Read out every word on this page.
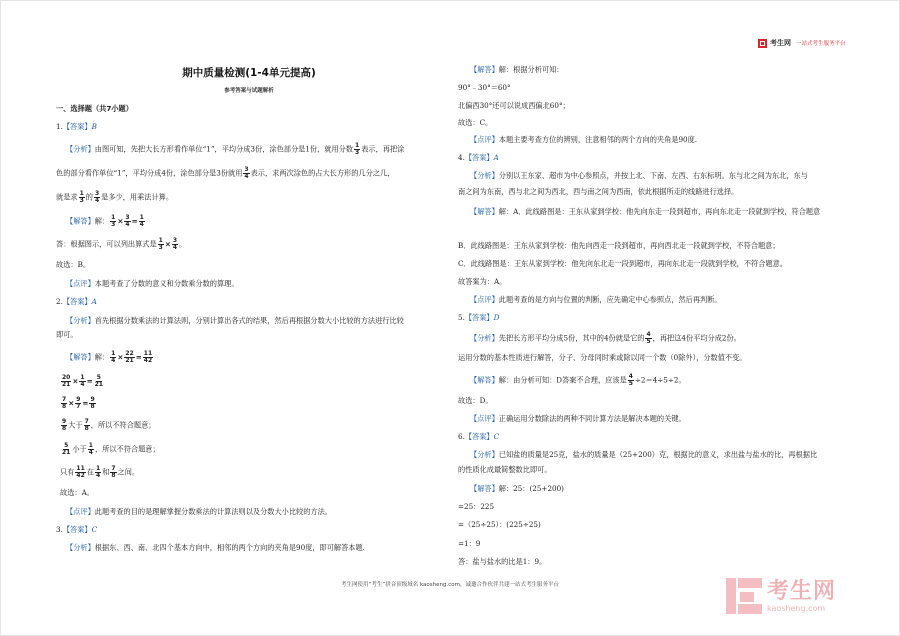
考生网 一站式考生服务平台
期中质量检测(1-4单元提高)
参考答案与试题解析
一、选择题（共7小题）
1.【答案】B
【分析】由图可知，先把大长方形看作单位“1”，平均分成3份，涂色部分是1份，就用分数 $\frac{1}{3}$ 表示，再把涂
色的部分看作单位“1”，平均分成4份，涂色部分是3份就用 $\frac{3}{4}$ 表示，求两次涂色的占大长方形的几分之几，
就是求 $\frac{1}{3}$ 的 $\frac{3}{4}$ 是多少，用乘法计算。
【解答】解： $\frac{1}{3} \times \frac{3}{4} = \frac{1}{4}$
答：根据图示，可以列出算式是 $\frac{1}{3} \times \frac{3}{4}$ 。
故选：B。
【点评】本题考查了分数的意义和分数乘分数的算理。
2.【答案】A
【分析】首先根据分数乘法的计算法则，分别计算出各式的结果，然后再根据分数大小比较的方法进行比较
即可。
【解答】解： $\frac{1}{4} \times \frac{22}{21} = \frac{11}{42}$
$\frac{20}{21} \times \frac{1}{4} = \frac{5}{21}$
$\frac{7}{8} \times \frac{9}{7} = \frac{9}{8}$
$\frac{9}{8}$ 大于 $\frac{7}{8}$ ，所以不符合题意；
$\frac{5}{21}$ 小于 $\frac{1}{4}$ ，所以不符合题意；
只有 $\frac{11}{42}$ 在 $\frac{1}{4}$ 和 $\frac{7}{8}$ 之间。
故选：A。
【点评】此题考查的目的是理解掌握分数乘法的计算法则以及分数大小比较的方法。
3.【答案】C
【分析】根据东、西、南、北四个基本方向中，相邻的两个方向的夹角是90度，即可解答本题.
【解答】解：根据分析可知：
90°﹣30°＝60°
北偏西30°还可以说成西偏北60°；
故选：C。
【点评】本题主要考查方位的辨别，注意相邻的两个方向的夹角是90度.
4.【答案】A
【分析】分别以王东家、超市为中心参照点，并按上北、下南、左西、右东标明。东与北之间为东北，东与
南之间为东南，西与北之间为西北，西与南之间为西南，依此根据所走的线路进行选择。
【解答】解：A．此线路图是：王东从家到学校：他先向东走一段到超市，再向东北走一段就到学校，符合题意
B．此线路图是：王东从家到学校：他先向西走一段到超市，再向西北走一段就到学校，不符合题意；
C．此线路图是：王东从家到学校：他先向东北走一段到超市，再向东北走一段就到学校，不符合题意。
故答案为：A。
【点评】此题考查的是方向与位置的判断，应先确定中心参照点，然后再判断。
5.【答案】D
【分析】先把长方形平均分成5份，其中的4份就是它的 $\frac{4}{5}$ ，再把这4份平均分成2份。
运用分数的基本性质进行解答，分子、分母同时乘或除以同一个数（0除外），分数值不变。
【解答】解：由分析可知：D答案不合理，应该是 $\frac{4}{5} \div 2=4\div 5\div 2$。
故选：D。
【点评】正确运用分数除法的两种不同计算方法是解决本题的关键。
6.【答案】C
【分析】已知盐的质量是25克，盐水的质量是（25+200）克，根据比的意义，求出盐与盐水的比，再根据比
的性质化成最简整数比即可。
【解答】解：25：(25+200)
=25：225
=（25÷25）：(225÷25)
=1：9
答：盐与盐水的比是1：9。
考生网使用“考生”拼音顶级域名 kaosheng.com，诚邀合作伙伴共建一站式考生服务平台	考生网
kaosheng.com
